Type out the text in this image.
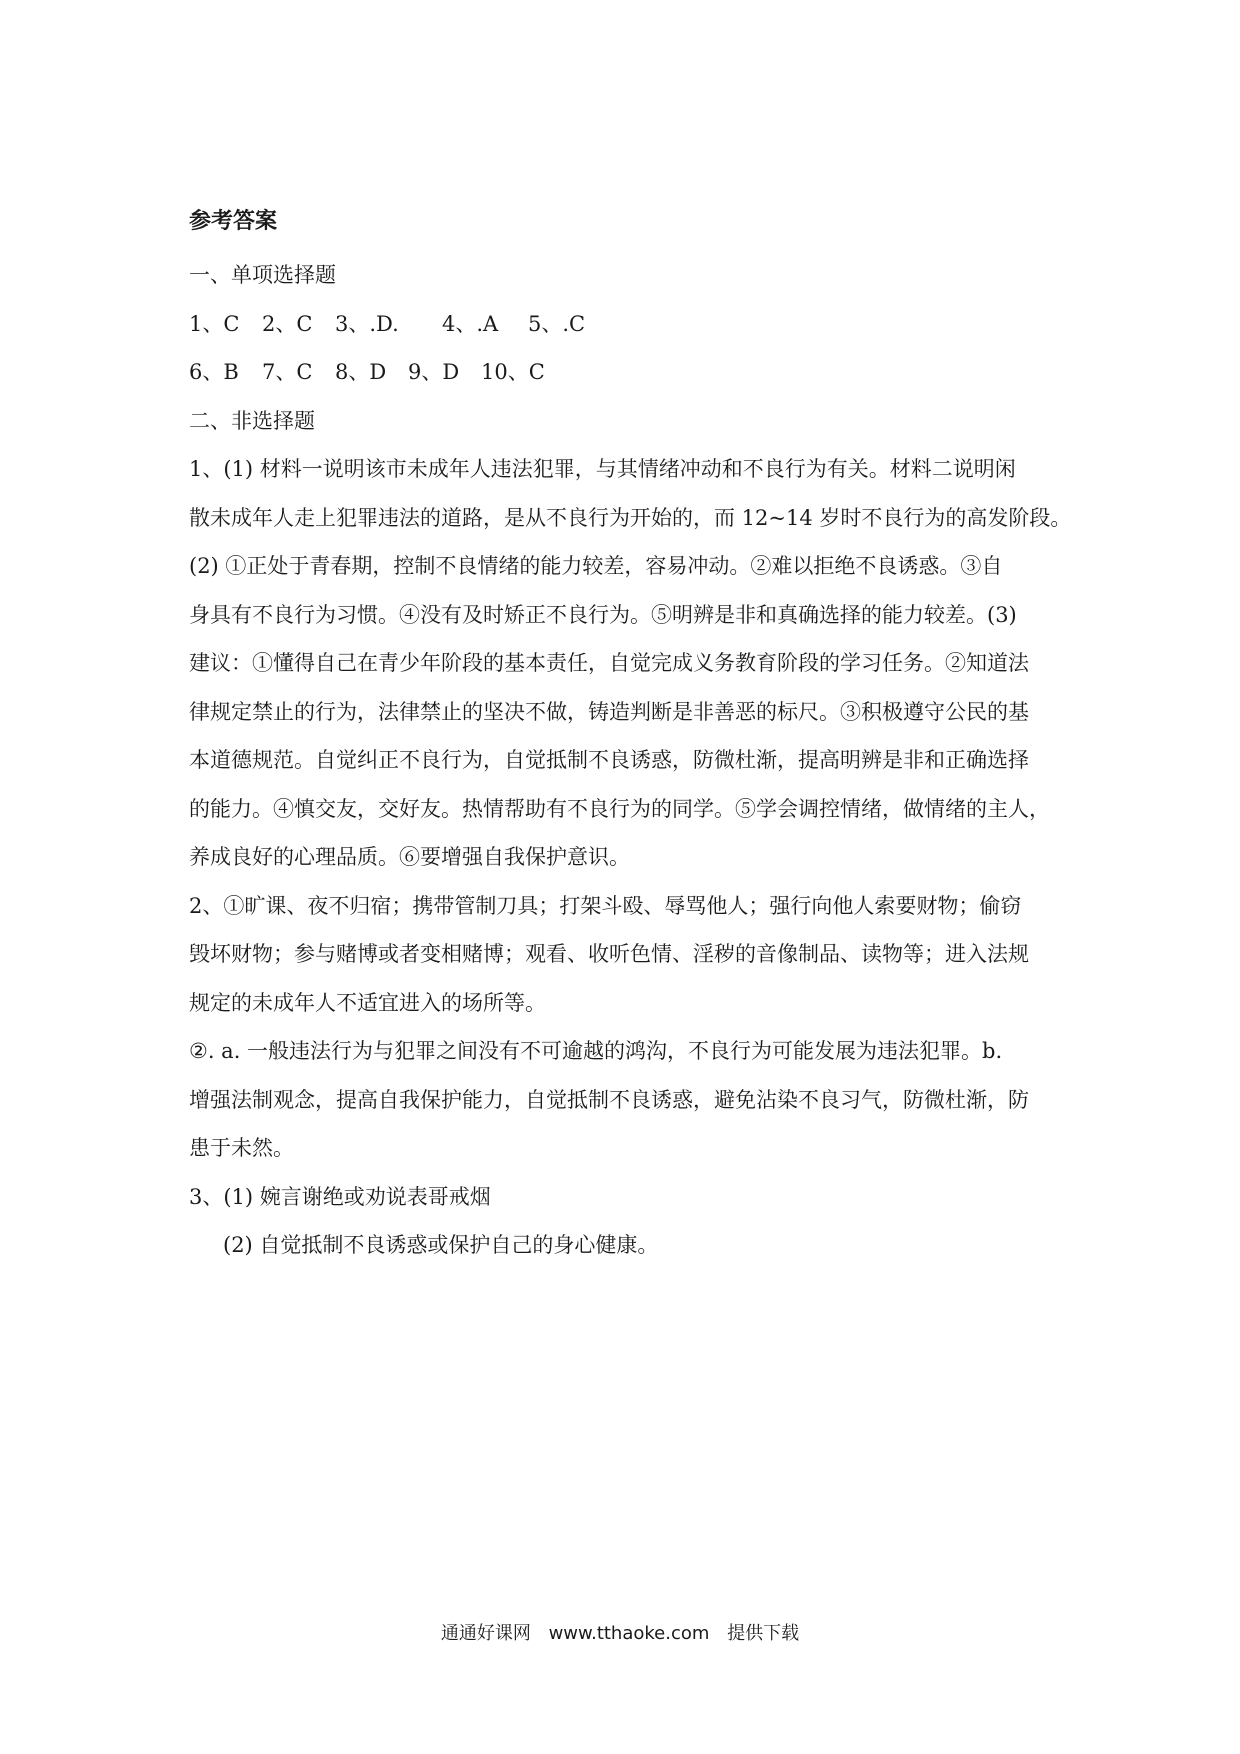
参考答案
一、单项选择题
1、C 2、C 3、.D. 4、.A 5、.C
6、B 7、C 8、D 9、D 10、C
二、非选择题
1、(1) 材料一说明该市未成年人违法犯罪，与其情绪冲动和不良行为有关。材料二说明闲
散未成年人走上犯罪违法的道路，是从不良行为开始的，而 12~14 岁时不良行为的高发阶段。
(2) ①正处于青春期，控制不良情绪的能力较差，容易冲动。②难以拒绝不良诱惑。③自
身具有不良行为习惯。④没有及时矫正不良行为。⑤明辨是非和真确选择的能力较差。(3)
建议：①懂得自己在青少年阶段的基本责任，自觉完成义务教育阶段的学习任务。②知道法
律规定禁止的行为，法律禁止的坚决不做，铸造判断是非善恶的标尺。③积极遵守公民的基
本道德规范。自觉纠正不良行为，自觉抵制不良诱惑，防微杜渐，提高明辨是非和正确选择
的能力。④慎交友，交好友。热情帮助有不良行为的同学。⑤学会调控情绪，做情绪的主人，
养成良好的心理品质。⑥要增强自我保护意识。
2、①旷课、夜不归宿；携带管制刀具；打架斗殴、辱骂他人；强行向他人索要财物；偷窃
毁坏财物；参与赌博或者变相赌博；观看、收听色情、淫秽的音像制品、读物等；进入法规
规定的未成年人不适宜进入的场所等。
②. a. 一般违法行为与犯罪之间没有不可逾越的鸿沟，不良行为可能发展为违法犯罪。b.
增强法制观念，提高自我保护能力，自觉抵制不良诱惑，避免沾染不良习气，防微杜渐，防
患于未然。
3、(1) 婉言谢绝或劝说表哥戒烟
(2) 自觉抵制不良诱惑或保护自己的身心健康。
通通好课网 www.tthaoke.com 提供下载
